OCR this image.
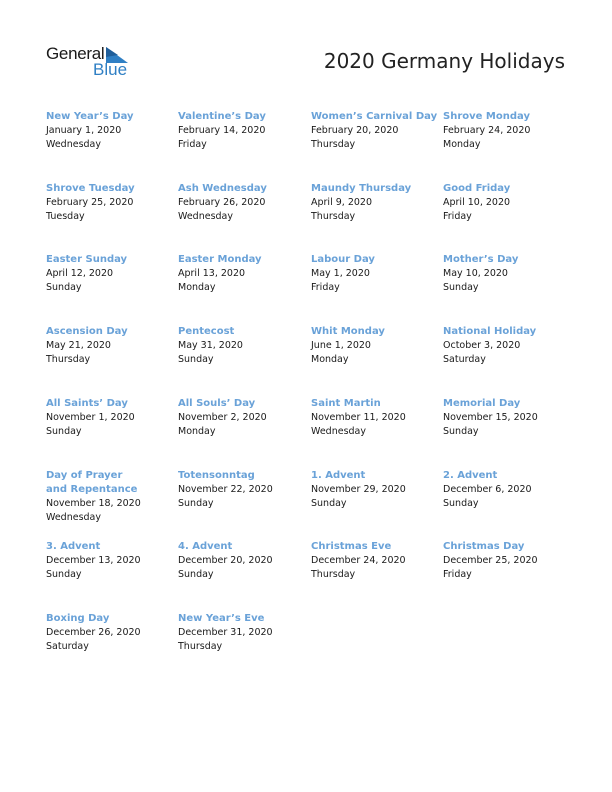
General
Blue	2020 Germany Holidays
New Year’s Day
January 1, 2020
Wednesday
Valentine’s Day
February 14, 2020
Friday
Women’s Carnival Day
February 20, 2020
Thursday
Shrove Monday
February 24, 2020
Monday
Shrove Tuesday
February 25, 2020
Tuesday
Ash Wednesday
February 26, 2020
Wednesday
Maundy Thursday
April 9, 2020
Thursday
Good Friday
April 10, 2020
Friday
Easter Sunday
April 12, 2020
Sunday
Easter Monday
April 13, 2020
Monday
Labour Day
May 1, 2020
Friday
Mother’s Day
May 10, 2020
Sunday
Ascension Day
May 21, 2020
Thursday
Pentecost
May 31, 2020
Sunday
Whit Monday
June 1, 2020
Monday
National Holiday
October 3, 2020
Saturday
All Saints’ Day
November 1, 2020
Sunday
All Souls’ Day
November 2, 2020
Monday
Saint Martin
November 11, 2020
Wednesday
Memorial Day
November 15, 2020
Sunday
Day of Prayer and Repentance
November 18, 2020
Wednesday
Totensonntag
November 22, 2020
Sunday
1. Advent
November 29, 2020
Sunday
2. Advent
December 6, 2020
Sunday
3. Advent
December 13, 2020
Sunday
4. Advent
December 20, 2020
Sunday
Christmas Eve
December 24, 2020
Thursday
Christmas Day
December 25, 2020
Friday
Boxing Day
December 26, 2020
Saturday
New Year’s Eve
December 31, 2020
Thursday
